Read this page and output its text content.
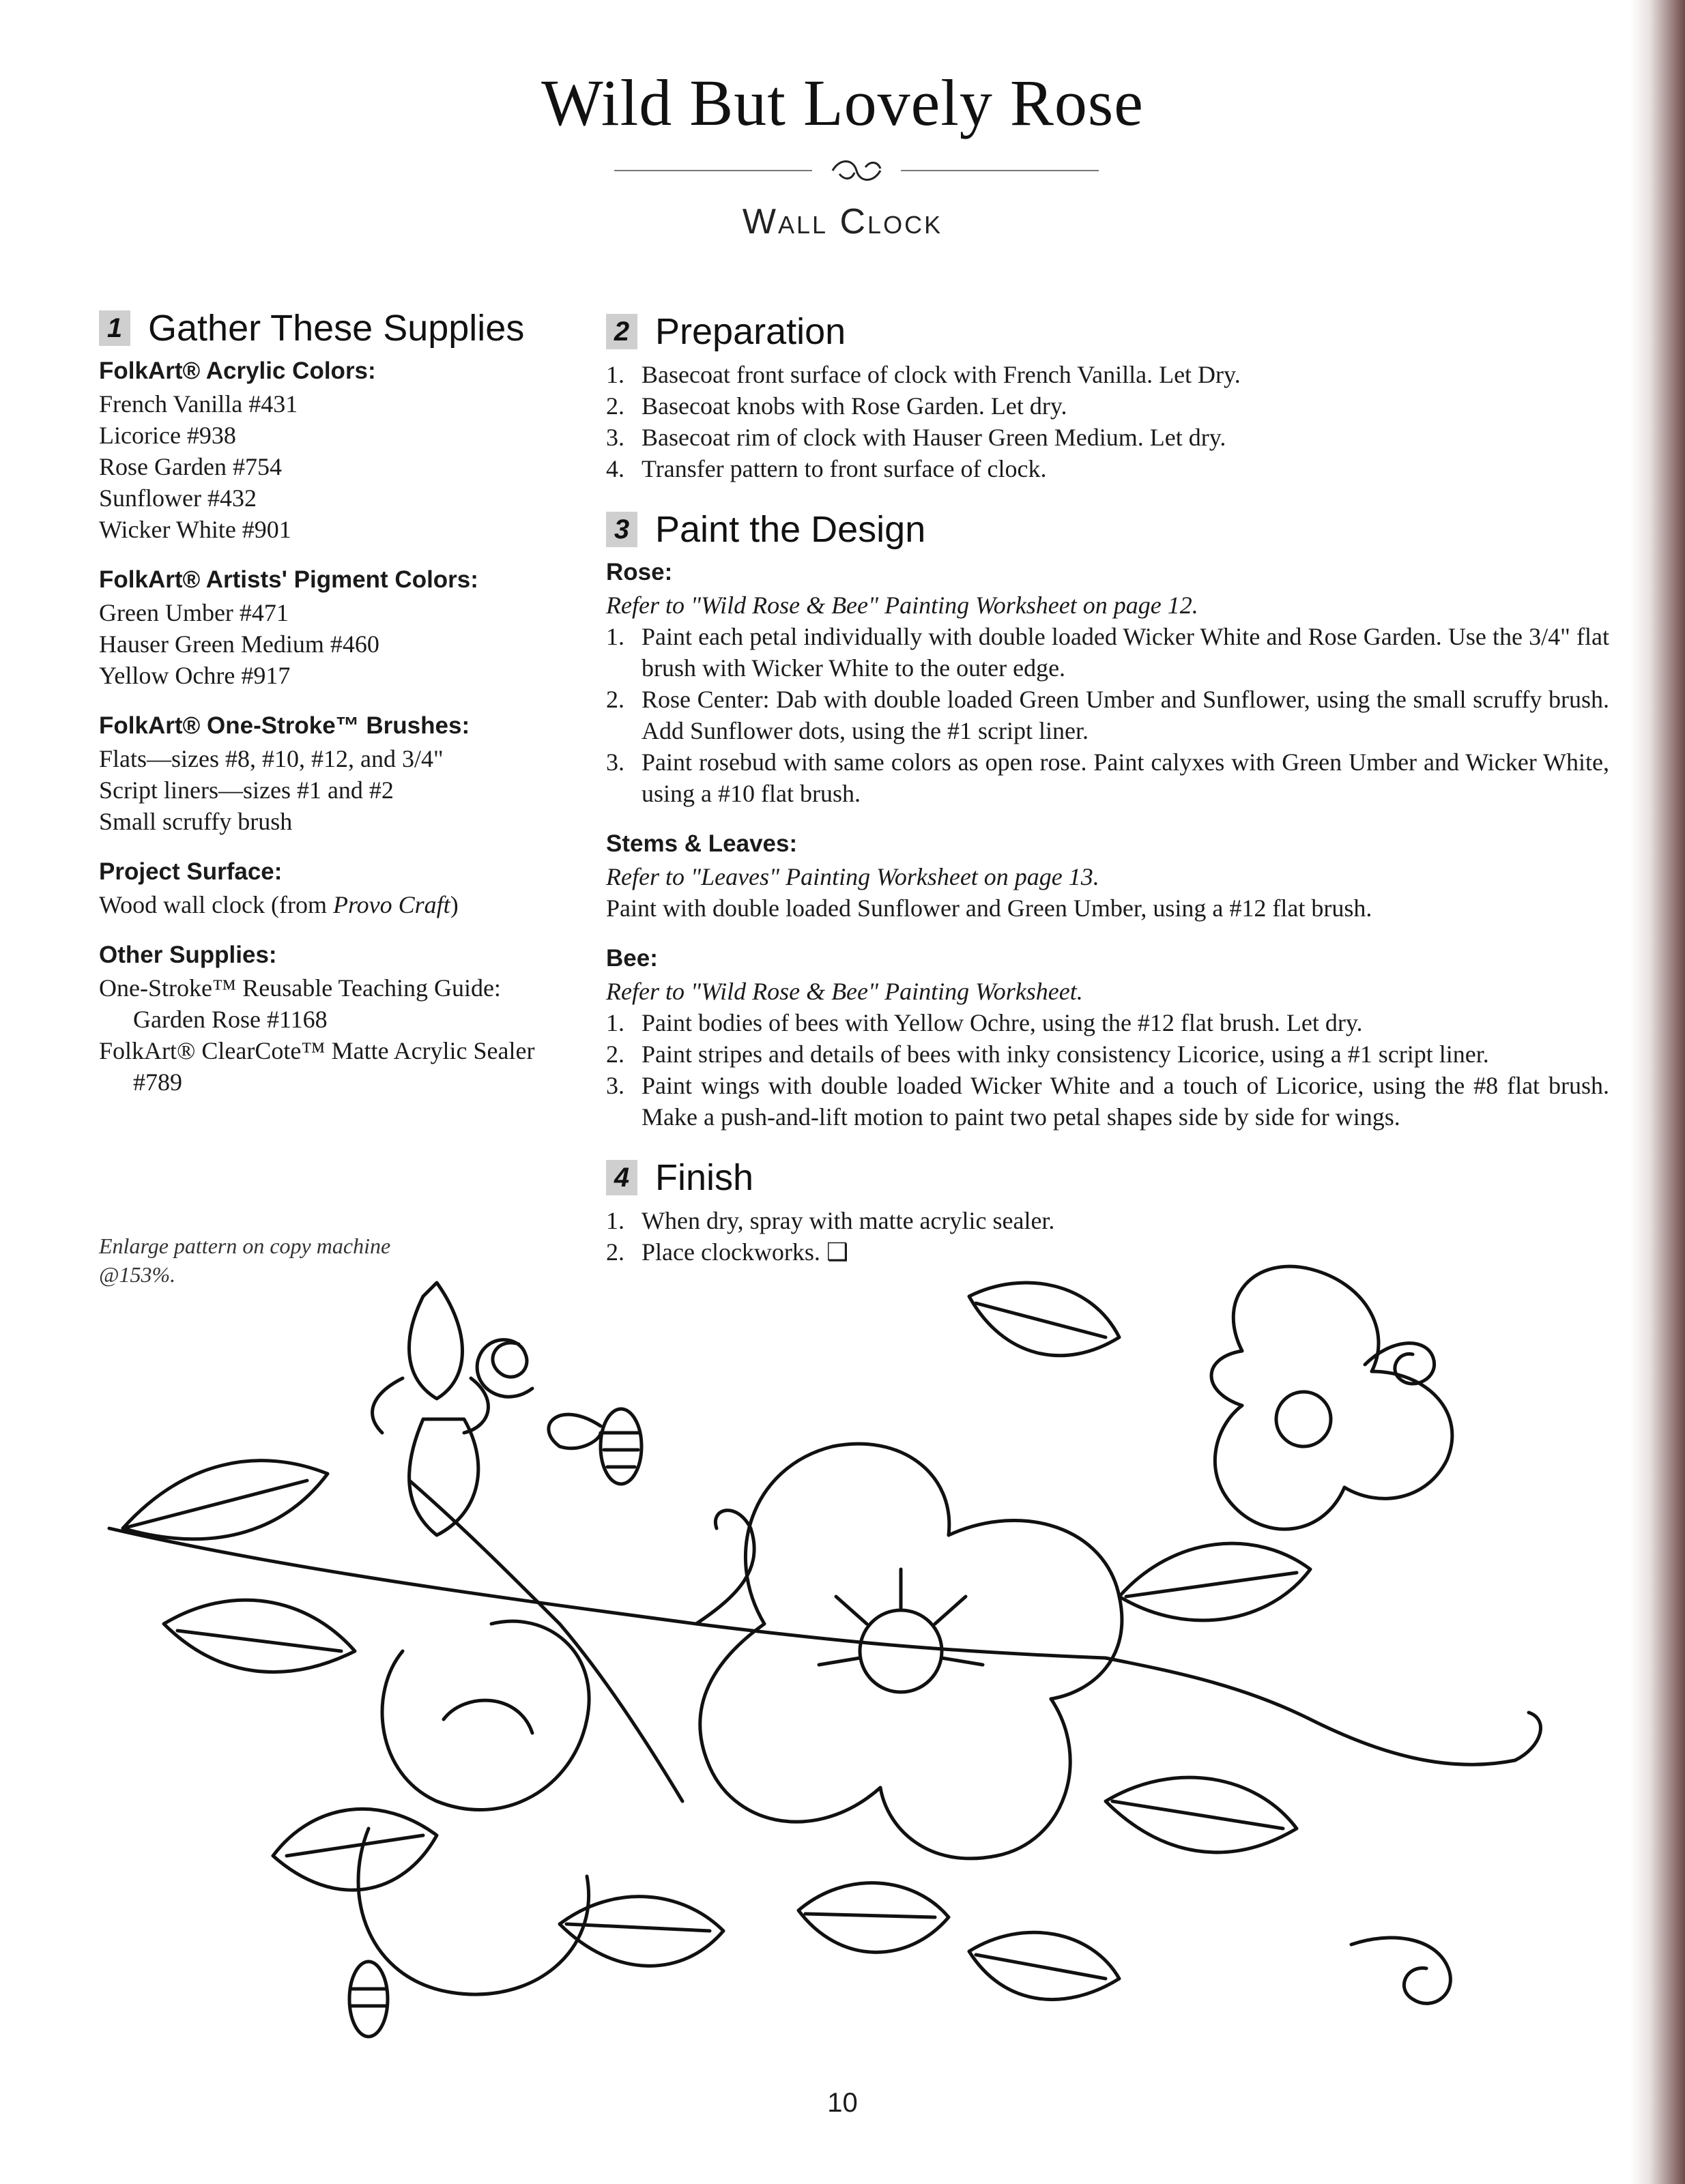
Wild But Lovely Rose
Wall Clock
1 Gather These Supplies
FolkArt® Acrylic Colors:

French Vanilla #431

Licorice #938

Rose Garden #754

Sunflower #432

Wicker White #901

FolkArt® Artists' Pigment Colors:

Green Umber #471

Hauser Green Medium #460

Yellow Ochre #917

FolkArt® One-Stroke™ Brushes:

Flats—sizes #8, #10, #12, and 3/4"

Script liners—sizes #1 and #2

Small scruffy brush

Project Surface:

Wood wall clock (from Provo Craft)

Other Supplies:

One-Stroke™ Reusable Teaching Guide: Garden Rose #1168

FolkArt® ClearCote™ Matte Acrylic Sealer #789

Enlarge pattern on copy machine @153%.
2 Preparation
1. Basecoat front surface of clock with French Vanilla. Let Dry.
2. Basecoat knobs with Rose Garden. Let dry.
3. Basecoat rim of clock with Hauser Green Medium. Let dry.
4. Transfer pattern to front surface of clock.
3 Paint the Design
Rose:

Refer to "Wild Rose & Bee" Painting Worksheet on page 12.

1. Paint each petal individually with double loaded Wicker White and Rose Garden. Use the 3/4" flat brush with Wicker White to the outer edge.
2. Rose Center: Dab with double loaded Green Umber and Sunflower, using the small scruffy brush. Add Sunflower dots, using the #1 script liner.
3. Paint rosebud with same colors as open rose. Paint calyxes with Green Umber and Wicker White, using a #10 flat brush.
Stems & Leaves:

Refer to "Leaves" Painting Worksheet on page 13.

Paint with double loaded Sunflower and Green Umber, using a #12 flat brush.

Bee:

Refer to "Wild Rose & Bee" Painting Worksheet.

1. Paint bodies of bees with Yellow Ochre, using the #12 flat brush. Let dry.
2. Paint stripes and details of bees with inky consistency Licorice, using a #1 script liner.
3. Paint wings with double loaded Wicker White and a touch of Licorice, using the #8 flat brush. Make a push-and-lift motion to paint two petal shapes side by side for wings.
4 Finish
1. When dry, spray with matte acrylic sealer.
2. Place clockworks. ❑
10
